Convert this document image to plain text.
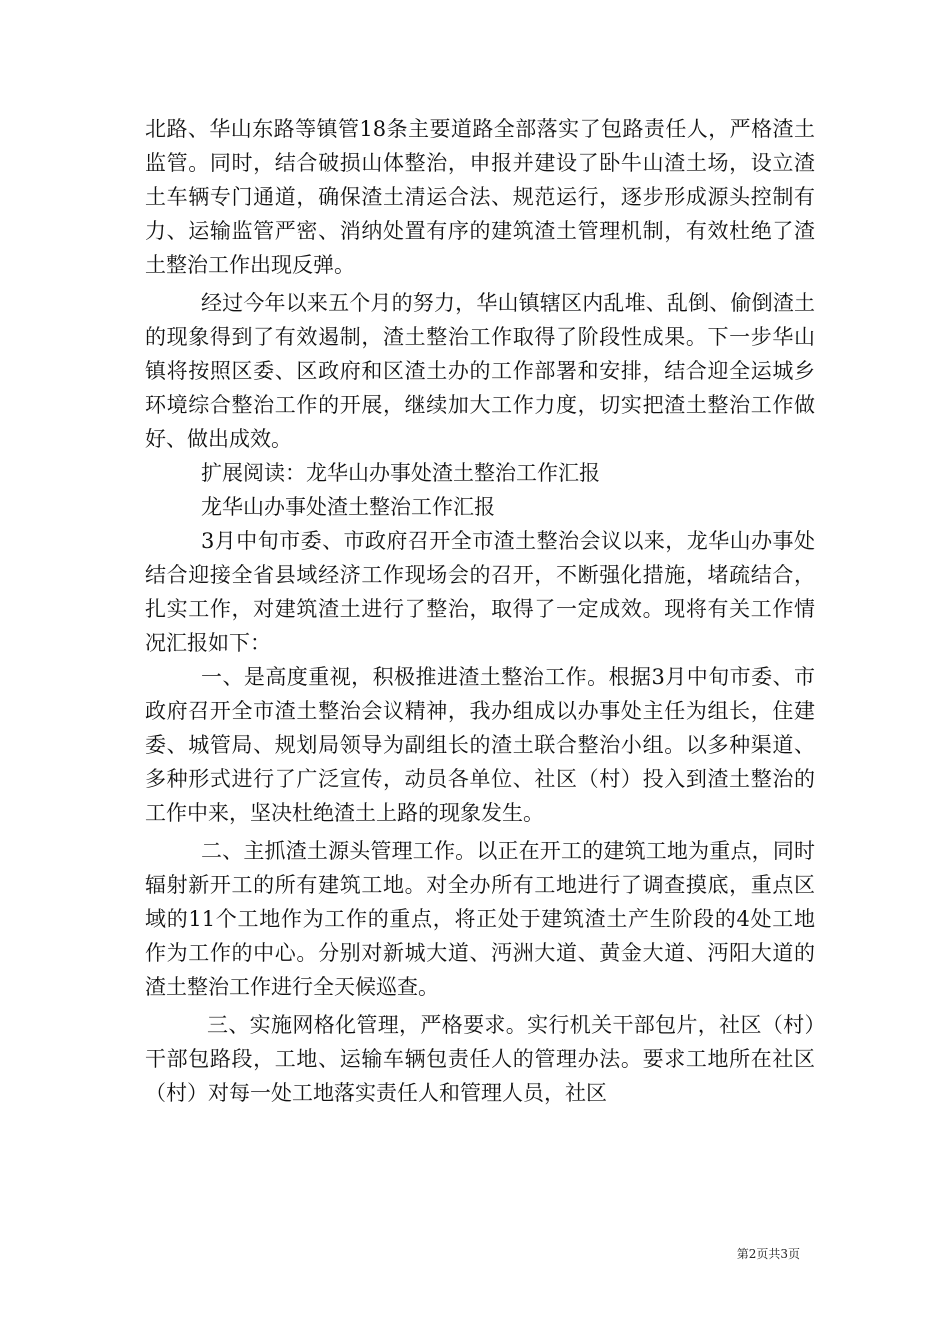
北路、华山东路等镇管18条主要道路全部落实了包路责任人，严格渣土监管。同时，结合破损山体整治，申报并建设了卧牛山渣土场，设立渣土车辆专门通道，确保渣土清运合法、规范运行，逐步形成源头控制有力、运输监管严密、消纳处置有序的建筑渣土管理机制，有效杜绝了渣土整治工作出现反弹。

经过今年以来五个月的努力，华山镇辖区内乱堆、乱倒、偷倒渣土的现象得到了有效遏制，渣土整治工作取得了阶段性成果。下一步华山镇将按照区委、区政府和区渣土办的工作部署和安排，结合迎全运城乡环境综合整治工作的开展，继续加大工作力度，切实把渣土整治工作做好、做出成效。

扩展阅读：龙华山办事处渣土整治工作汇报

龙华山办事处渣土整治工作汇报

3月中旬市委、市政府召开全市渣土整治会议以来，龙华山办事处结合迎接全省县域经济工作现场会的召开，不断强化措施，堵疏结合，扎实工作，对建筑渣土进行了整治，取得了一定成效。现将有关工作情况汇报如下：

一、是高度重视，积极推进渣土整治工作。根据3月中旬市委、市政府召开全市渣土整治会议精神，我办组成以办事处主任为组长，住建委、城管局、规划局领导为副组长的渣土联合整治小组。以多种渠道、多种形式进行了广泛宣传，动员各单位、社区（村）投入到渣土整治的工作中来，坚决杜绝渣土上路的现象发生。

二、主抓渣土源头管理工作。以正在开工的建筑工地为重点，同时辐射新开工的所有建筑工地。对全办所有工地进行了调查摸底，重点区域的11个工地作为工作的重点，将正处于建筑渣土产生阶段的4处工地作为工作的中心。分别对新城大道、沔洲大道、黄金大道、沔阳大道的渣土整治工作进行全天候巡查。

三、实施网格化管理，严格要求。实行机关干部包片，社区（村）干部包路段，工地、运输车辆包责任人的管理办法。要求工地所在社区（村）对每一处工地落实责任人和管理人员，社区

第2页共3页
